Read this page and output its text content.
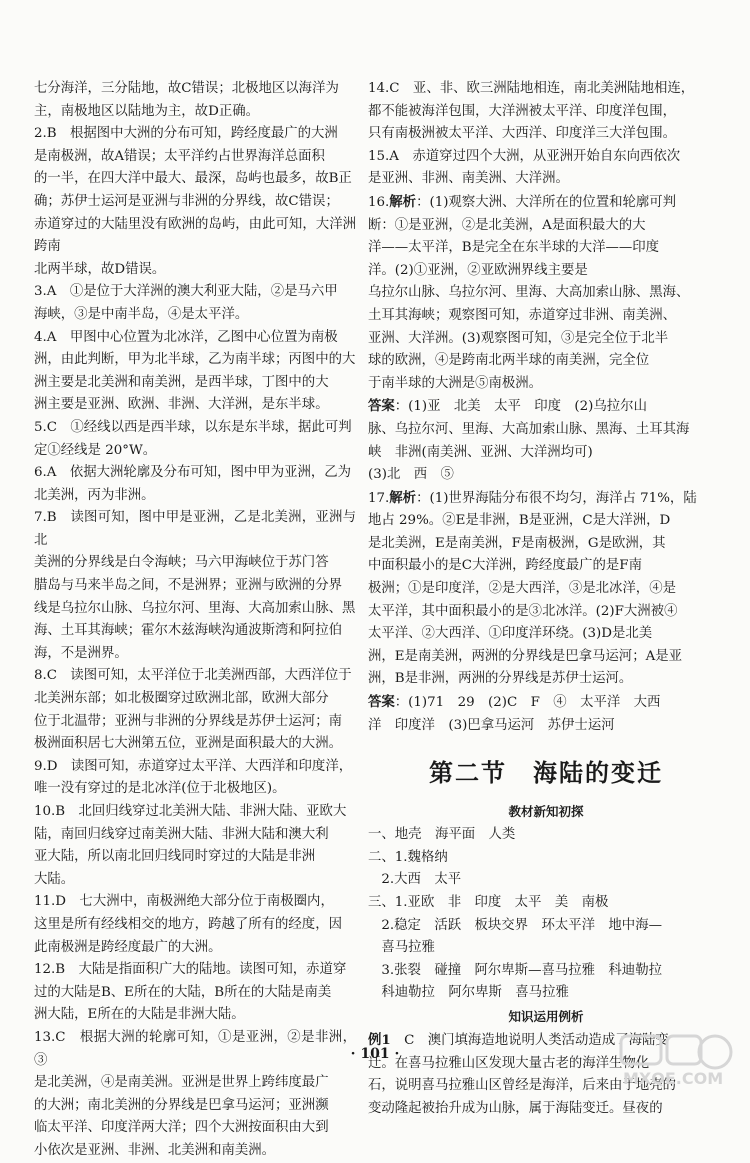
七分海洋，三分陆地，故C错误；北极地区以海洋为
主，南极地区以陆地为主，故D正确。
2.B　根据图中大洲的分布可知，跨经度最广的大洲
是南极洲，故A错误；太平洋约占世界海洋总面积
的一半，在四大洋中最大、最深，岛屿也最多，故B正
确；苏伊士运河是亚洲与非洲的分界线，故C错误；
赤道穿过的大陆里没有欧洲的岛屿，由此可知，大洋洲跨南
北两半球，故D错误。
3.A　①是位于大洋洲的澳大利亚大陆，②是马六甲
海峡，③是中南半岛，④是太平洋。
4.A　甲图中心位置为北冰洋，乙图中心位置为南极
洲，由此判断，甲为北半球，乙为南半球；丙图中的大
洲主要是北美洲和南美洲，是西半球，丁图中的大
洲主要是亚洲、欧洲、非洲、大洋洲，是东半球。
5.C　①经线以西是西半球，以东是东半球，据此可判
定①经线是 20°W。
6.A　依据大洲轮廓及分布可知，图中甲为亚洲，乙为
北美洲，丙为非洲。
7.B　读图可知，图中甲是亚洲，乙是北美洲，亚洲与北
美洲的分界线是白令海峡；马六甲海峡位于苏门答
腊岛与马来半岛之间，不是洲界；亚洲与欧洲的分界
线是乌拉尔山脉、乌拉尔河、里海、大高加索山脉、黑
海、土耳其海峡；霍尔木兹海峡沟通波斯湾和阿拉伯
海，不是洲界。
8.C　读图可知，太平洋位于北美洲西部，大西洋位于
北美洲东部；如北极圈穿过欧洲北部，欧洲大部分
位于北温带；亚洲与非洲的分界线是苏伊士运河；南
极洲面积居七大洲第五位，亚洲是面积最大的大洲。
9.D　读图可知，赤道穿过太平洋、大西洋和印度洋，
唯一没有穿过的是北冰洋(位于北极地区)。
10.B　北回归线穿过北美洲大陆、非洲大陆、亚欧大
陆，南回归线穿过南美洲大陆、非洲大陆和澳大利
亚大陆，所以南北回归线同时穿过的大陆是非洲
大陆。
11.D　七大洲中，南极洲绝大部分位于南极圈内，
这里是所有经线相交的地方，跨越了所有的经度，因
此南极洲是跨经度最广的大洲。
12.B　大陆是指面积广大的陆地。读图可知，赤道穿
过的大陆是B、E所在的大陆，B所在的大陆是南美
洲大陆，E所在的大陆是非洲大陆。
13.C　根据大洲的轮廓可知，①是亚洲，②是非洲，③
是北美洲，④是南美洲。亚洲是世界上跨纬度最广
的大洲；南北美洲的分界线是巴拿马运河；亚洲濒
临太平洋、印度洋两大洋；四个大洲按面积由大到
小依次是亚洲、非洲、北美洲和南美洲。
14.C　亚、非、欧三洲陆地相连，南北美洲陆地相连，
都不能被海洋包围，大洋洲被太平洋、印度洋包围，
只有南极洲被太平洋、大西洋、印度洋三大洋包围。
15.A　赤道穿过四个大洲，从亚洲开始自东向西依次
是亚洲、非洲、南美洲、大洋洲。
16.解析：(1)观察大洲、大洋所在的位置和轮廓可判
断：①是亚洲，②是北美洲，A是面积最大的大
洋——太平洋，B是完全在东半球的大洋——印度
洋。(2)①亚洲，②亚欧洲界线主要是
乌拉尔山脉、乌拉尔河、里海、大高加索山脉、黑海、
土耳其海峡；观察图可知，赤道穿过非洲、南美洲、
亚洲、大洋洲。(3)观察图可知，③是完全位于北半
球的欧洲，④是跨南北两半球的南美洲，完全位
于南半球的大洲是⑤南极洲。
答案：(1)亚　北美　太平　印度　(2)乌拉尔山
脉、乌拉尔河、里海、大高加索山脉、黑海、土耳其海
峡　非洲(南美洲、亚洲、大洋洲均可)
(3)北　西　⑤
17.解析：(1)世界海陆分布很不均匀，海洋占 71%，陆
地占 29%。②E是非洲，B是亚洲，C是大洋洲，D
是北美洲，E是南美洲，F是南极洲，G是欧洲，其
中面积最小的是C大洋洲，跨经度最广的是F南
极洲；①是印度洋，②是大西洋，③是北冰洋，④是
太平洋，其中面积最小的是③北冰洋。(2)F大洲被④
太平洋、②大西洋、①印度洋环绕。(3)D是北美
洲，E是南美洲，两洲的分界线是巴拿马运河；A是亚
洲，B是非洲，两洲的分界线是苏伊士运河。
答案：(1)71　29　(2)C　F　④　太平洋　大西
洋　印度洋　(3)巴拿马运河　苏伊士运河
第二节　海陆的变迁
教材新知初探
一、地壳　海平面　人类
二、1.魏格纳
　2.大西　太平
三、1.亚欧　非　印度　太平　美　南极
　2.稳定　活跃　板块交界　环太平洋　地中海—
　喜马拉雅
　3.张裂　碰撞　阿尔卑斯—喜马拉雅　科迪勒拉
　科迪勒拉　阿尔卑斯　喜马拉雅
知识运用例析
例1　C　澳门填海造地说明人类活动造成了海陆变
迁。在喜马拉雅山区发现大量古老的海洋生物化
石，说明喜马拉雅山区曾经是海洋，后来由于地壳的
变动隆起被抬升成为山脉，属于海陆变迁。昼夜的
· 101 ·
MXQE.COM
